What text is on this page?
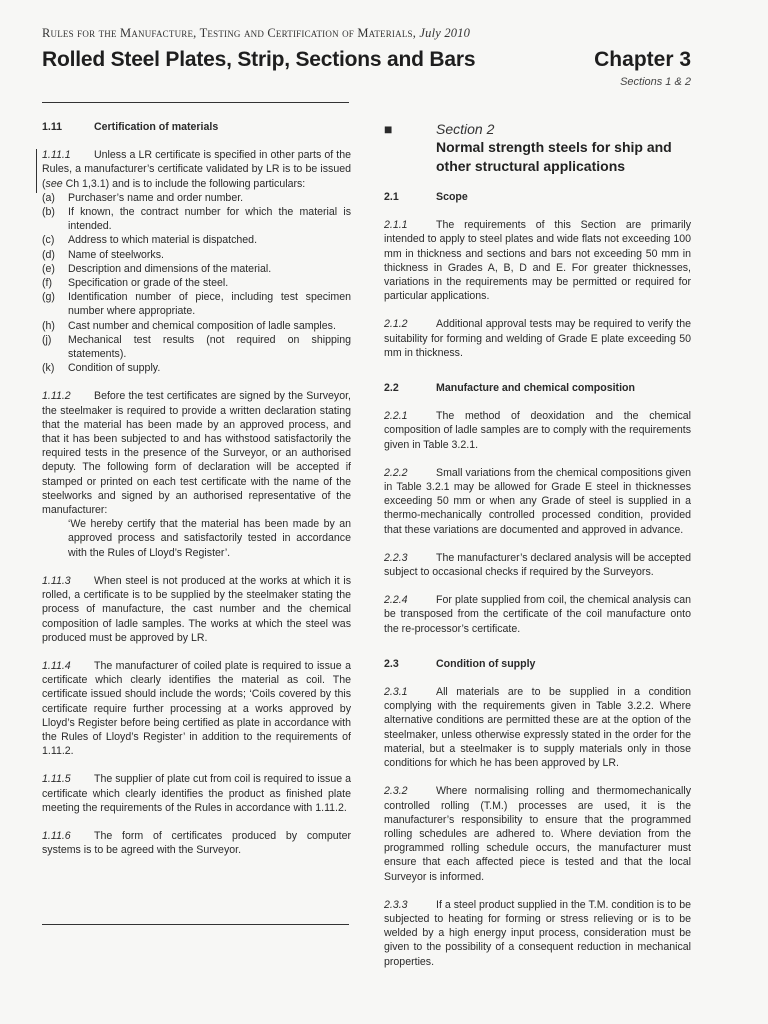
Rules for the Manufacture, Testing and Certification of Materials, July 2010
Rolled Steel Plates, Strip, Sections and Bars	Chapter 3
Sections 1 & 2

1.11	Certification of materials

1.11.1 Unless a LR certificate is specified in other parts of the Rules, a manufacturer’s certificate validated by LR is to be issued (see Ch 1,3.1) and is to include the following particulars:

(a)	Purchaser’s name and order number.
(b)	If known, the contract number for which the material is intended.
(c)	Address to which material is dispatched.
(d)	Name of steelworks.
(e)	Description and dimensions of the material.
(f)	Specification or grade of the steel.
(g)	Identification number of piece, including test specimen number where appropriate.
(h)	Cast number and chemical composition of ladle samples.
(j)	Mechanical test results (not required on shipping statements).
(k)	Condition of supply.

1.11.2 Before the test certificates are signed by the Surveyor, the steelmaker is required to provide a written declaration stating that the material has been made by an approved process, and that it has been subjected to and has withstood satisfactorily the required tests in the presence of the Surveyor, or an authorised deputy. The following form of declaration will be accepted if stamped or printed on each test certificate with the name of the steelworks and signed by an authorised representative of the manufacturer:

‘We hereby certify that the material has been made by an approved process and satisfactorily tested in accordance with the Rules of Lloyd’s Register’.

1.11.3 When steel is not produced at the works at which it is rolled, a certificate is to be supplied by the steelmaker stating the process of manufacture, the cast number and the chemical composition of ladle samples. The works at which the steel was produced must be approved by LR.

1.11.4 The manufacturer of coiled plate is required to issue a certificate which clearly identifies the material as coil. The certificate issued should include the words; ‘Coils covered by this certificate require further processing at a works approved by Lloyd’s Register before being certified as plate in accordance with the Rules of Lloyd’s Register’ in addition to the requirements of 1.11.2.

1.11.5 The supplier of plate cut from coil is required to issue a certificate which clearly identifies the product as finished plate meeting the requirements of the Rules in accordance with 1.11.2.

1.11.6 The form of certificates produced by computer systems is to be agreed with the Surveyor.

■	Section 2
Normal strength steels for ship and other structural applications

2.1	Scope

2.1.1	The requirements of this Section are primarily intended to apply to steel plates and wide flats not exceeding 100 mm in thickness and sections and bars not exceeding 50 mm in thickness in Grades A, B, D and E. For greater thicknesses, variations in the requirements may be permitted or required for particular applications.

2.1.2	Additional approval tests may be required to verify the suitability for forming and welding of Grade E plate exceeding 50 mm in thickness.

2.2	Manufacture and chemical composition

2.2.1	The method of deoxidation and the chemical composition of ladle samples are to comply with the requirements given in Table 3.2.1.

2.2.2	Small variations from the chemical compositions given in Table 3.2.1 may be allowed for Grade E steel in thicknesses exceeding 50 mm or when any Grade of steel is supplied in a thermo-mechanically controlled processed condition, provided that these variations are documented and approved in advance.

2.2.3	The manufacturer’s declared analysis will be accepted subject to occasional checks if required by the Surveyors.

2.2.4	For plate supplied from coil, the chemical analysis can be transposed from the certificate of the coil manufacture onto the re-processor’s certificate.

2.3	Condition of supply

2.3.1	All materials are to be supplied in a condition complying with the requirements given in Table 3.2.2. Where alternative conditions are permitted these are at the option of the steelmaker, unless otherwise expressly stated in the order for the material, but a steelmaker is to supply materials only in those conditions for which he has been approved by LR.

2.3.2	Where normalising rolling and thermomechanically controlled rolling (T.M.) processes are used, it is the manufacturer’s responsibility to ensure that the programmed rolling schedules are adhered to. Where deviation from the programmed rolling schedule occurs, the manufacturer must ensure that each affected piece is tested and that the local Surveyor is informed.

2.3.3	If a steel product supplied in the T.M. condition is to be subjected to heating for forming or stress relieving or is to be welded by a high energy input process, consideration must be given to the possibility of a consequent reduction in mechanical properties.
